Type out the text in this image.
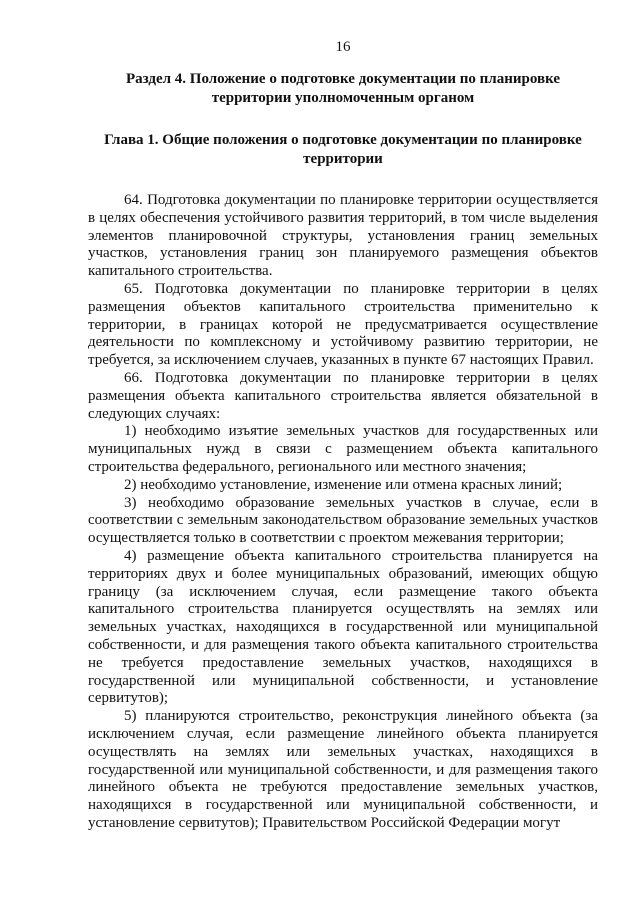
16
Раздел 4. Положение о подготовке документации по планировке территории уполномоченным органом
Глава 1. Общие положения о подготовке документации по планировке территории

64. Подготовка документации по планировке территории осуществляется в целях обеспечения устойчивого развития территорий, в том числе выделения элементов планировочной структуры, установления границ земельных участков, установления границ зон планируемого размещения объектов капитального строительства.

65. Подготовка документации по планировке территории в целях размещения объектов капитального строительства применительно к территории, в границах которой не предусматривается осуществление деятельности по комплексному и устойчивому развитию территории, не требуется, за исключением случаев, указанных в пункте 67 настоящих Правил.

66. Подготовка документации по планировке территории в целях размещения объекта капитального строительства является обязательной в следующих случаях:

1) необходимо изъятие земельных участков для государственных или муниципальных нужд в связи с размещением объекта капитального строительства федерального, регионального или местного значения;

2) необходимо установление, изменение или отмена красных линий;

3) необходимо образование земельных участков в случае, если в соответствии с земельным законодательством образование земельных участков осуществляется только в соответствии с проектом межевания территории;

4) размещение объекта капитального строительства планируется на территориях двух и более муниципальных образований, имеющих общую границу (за исключением случая, если размещение такого объекта капитального строительства планируется осуществлять на землях или земельных участках, находящихся в государственной или муниципальной собственности, и для размещения такого объекта капитального строительства не требуется предоставление земельных участков, находящихся в государственной или муниципальной собственности, и установление сервитутов);

5) планируются строительство, реконструкция линейного объекта (за исключением случая, если размещение линейного объекта планируется осуществлять на землях или земельных участках, находящихся в государственной или муниципальной собственности, и для размещения такого линейного объекта не требуются предоставление земельных участков, находящихся в государственной или муниципальной собственности, и установление сервитутов); Правительством Российской Федерации могут
